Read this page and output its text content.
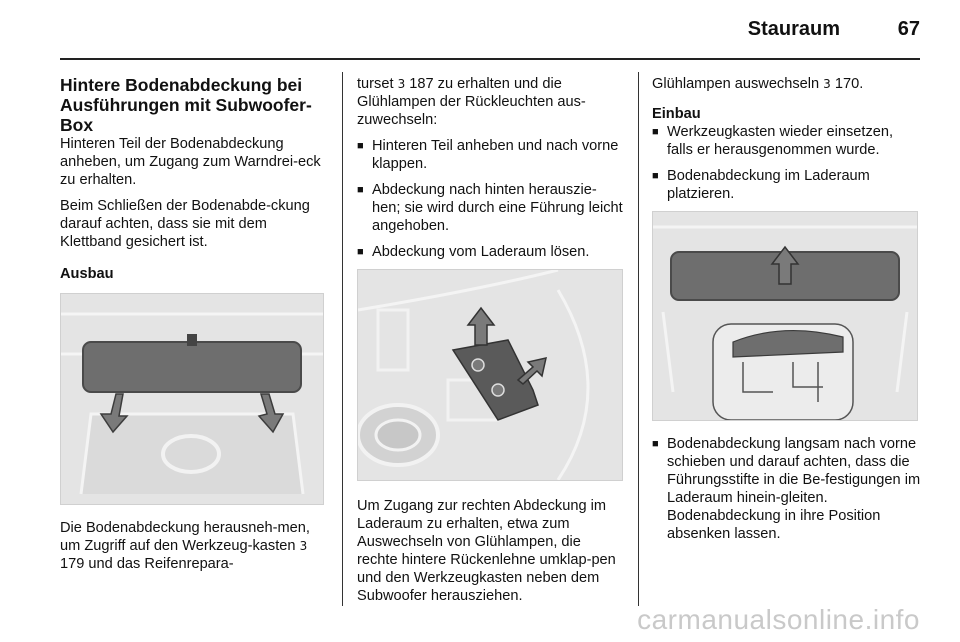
Stauraum	67
Hintere Bodenabdeckung bei Ausführungen mit Subwoofer-Box

Hinteren Teil der Bodenabdeckung anheben, um Zugang zum Warndrei-eck zu erhalten.

Beim Schließen der Bodenabde-ckung darauf achten, dass sie mit dem Klettband gesichert ist.

Ausbau

Die Bodenabdeckung herausneh-men, um Zugriff auf den Werkzeug-kasten 3 179 und das Reifenrepara-

turset 3 187 zu erhalten und die Glühlampen der Rückleuchten aus-zuwechseln:

■ Hinteren Teil anheben und nach vorne klappen.
■ Abdeckung nach hinten herauszie-hen; sie wird durch eine Führung leicht angehoben.
■ Abdeckung vom Laderaum lösen.

Um Zugang zur rechten Abdeckung im Laderaum zu erhalten, etwa zum Auswechseln von Glühlampen, die rechte hintere Rückenlehne umklap-pen und den Werkzeugkasten neben dem Subwoofer herausziehen.

Glühlampen auswechseln 3 170.

Einbau

■ Werkzeugkasten wieder einsetzen, falls er herausgenommen wurde.
■ Bodenabdeckung im Laderaum platzieren.
■ Bodenabdeckung langsam nach vorne schieben und darauf achten, dass die Führungsstifte in die Be-festigungen im Laderaum hinein-gleiten. Bodenabdeckung in ihre Position absenken lassen.
carmanualsonline.info
